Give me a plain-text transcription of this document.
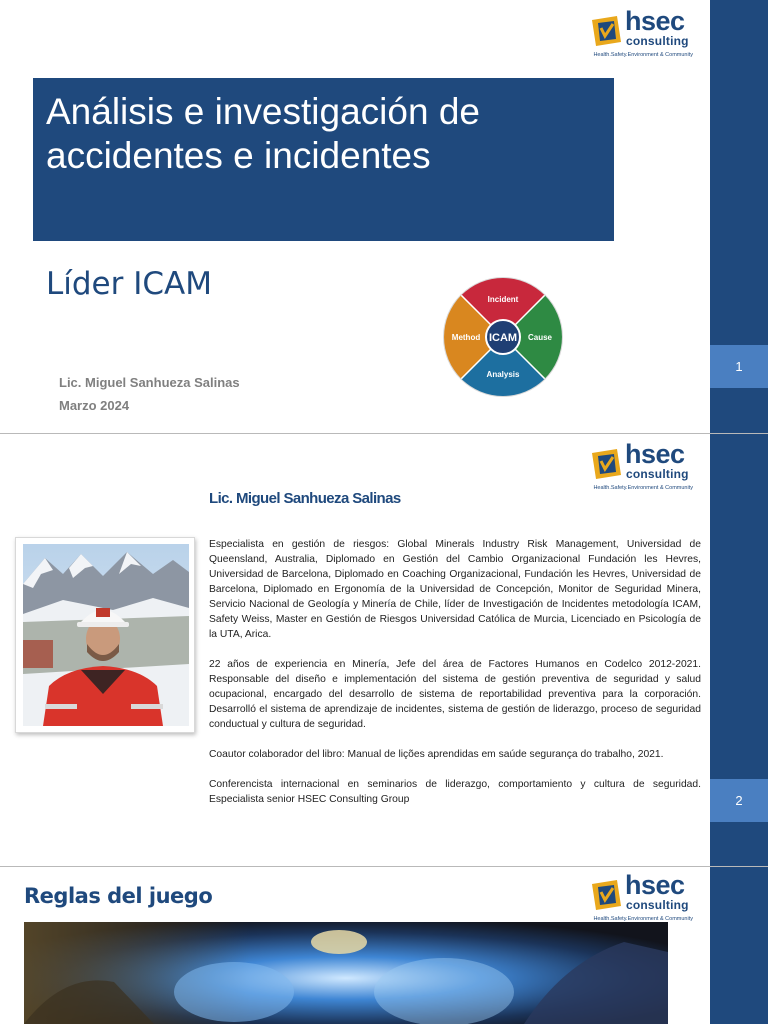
1
hsec
consulting
Health.Safety.Environment & Community
Análisis e investigación de
accidentes e incidentes
Líder ICAM
Lic. Miguel Sanhueza Salinas
Marzo 2024
ICAM
Incident
Cause
Analysis
Method
2
hsec
consulting
Health.Safety.Environment & Community
Lic. Miguel Sanhueza Salinas

Especialista en gestión de riesgos: Global Minerals Industry Risk Management, Universidad de Queensland, Australia, Diplomado en Gestión del Cambio Organizacional Fundación les Hevres, Universidad de Barcelona, Diplomado en Coaching Organizacional, Fundación les Hevres, Universidad de Barcelona, Diplomado en Ergonomía de la Universidad de Concepción, Monitor de Seguridad Minera, Servicio Nacional de Geología y Minería de Chile, líder de Investigación de Incidentes metodología ICAM, Safety Weiss, Master en Gestión de Riesgos Universidad Católica de Murcia, Licenciado en Psicología de la UTA, Arica.

22 años de experiencia en Minería, Jefe del área de Factores Humanos en Codelco 2012-2021. Responsable del diseño e implementación del sistema de gestión preventiva de seguridad y salud ocupacional, encargado del desarrollo de sistema de reportabilidad preventiva para la corporación. Desarrolló el sistema de aprendizaje de incidentes, sistema de gestión de liderazgo, proceso de seguridad conductual y cultura de seguridad.

Coautor colaborador del libro: Manual de lições aprendidas em saúde segurança do trabalho, 2021.

Conferencista internacional en seminarios de liderazgo, comportamiento y cultura de seguridad. Especialista senior HSEC Consulting Group

hsec
consulting
Health.Safety.Environment & Community
Reglas del juego
